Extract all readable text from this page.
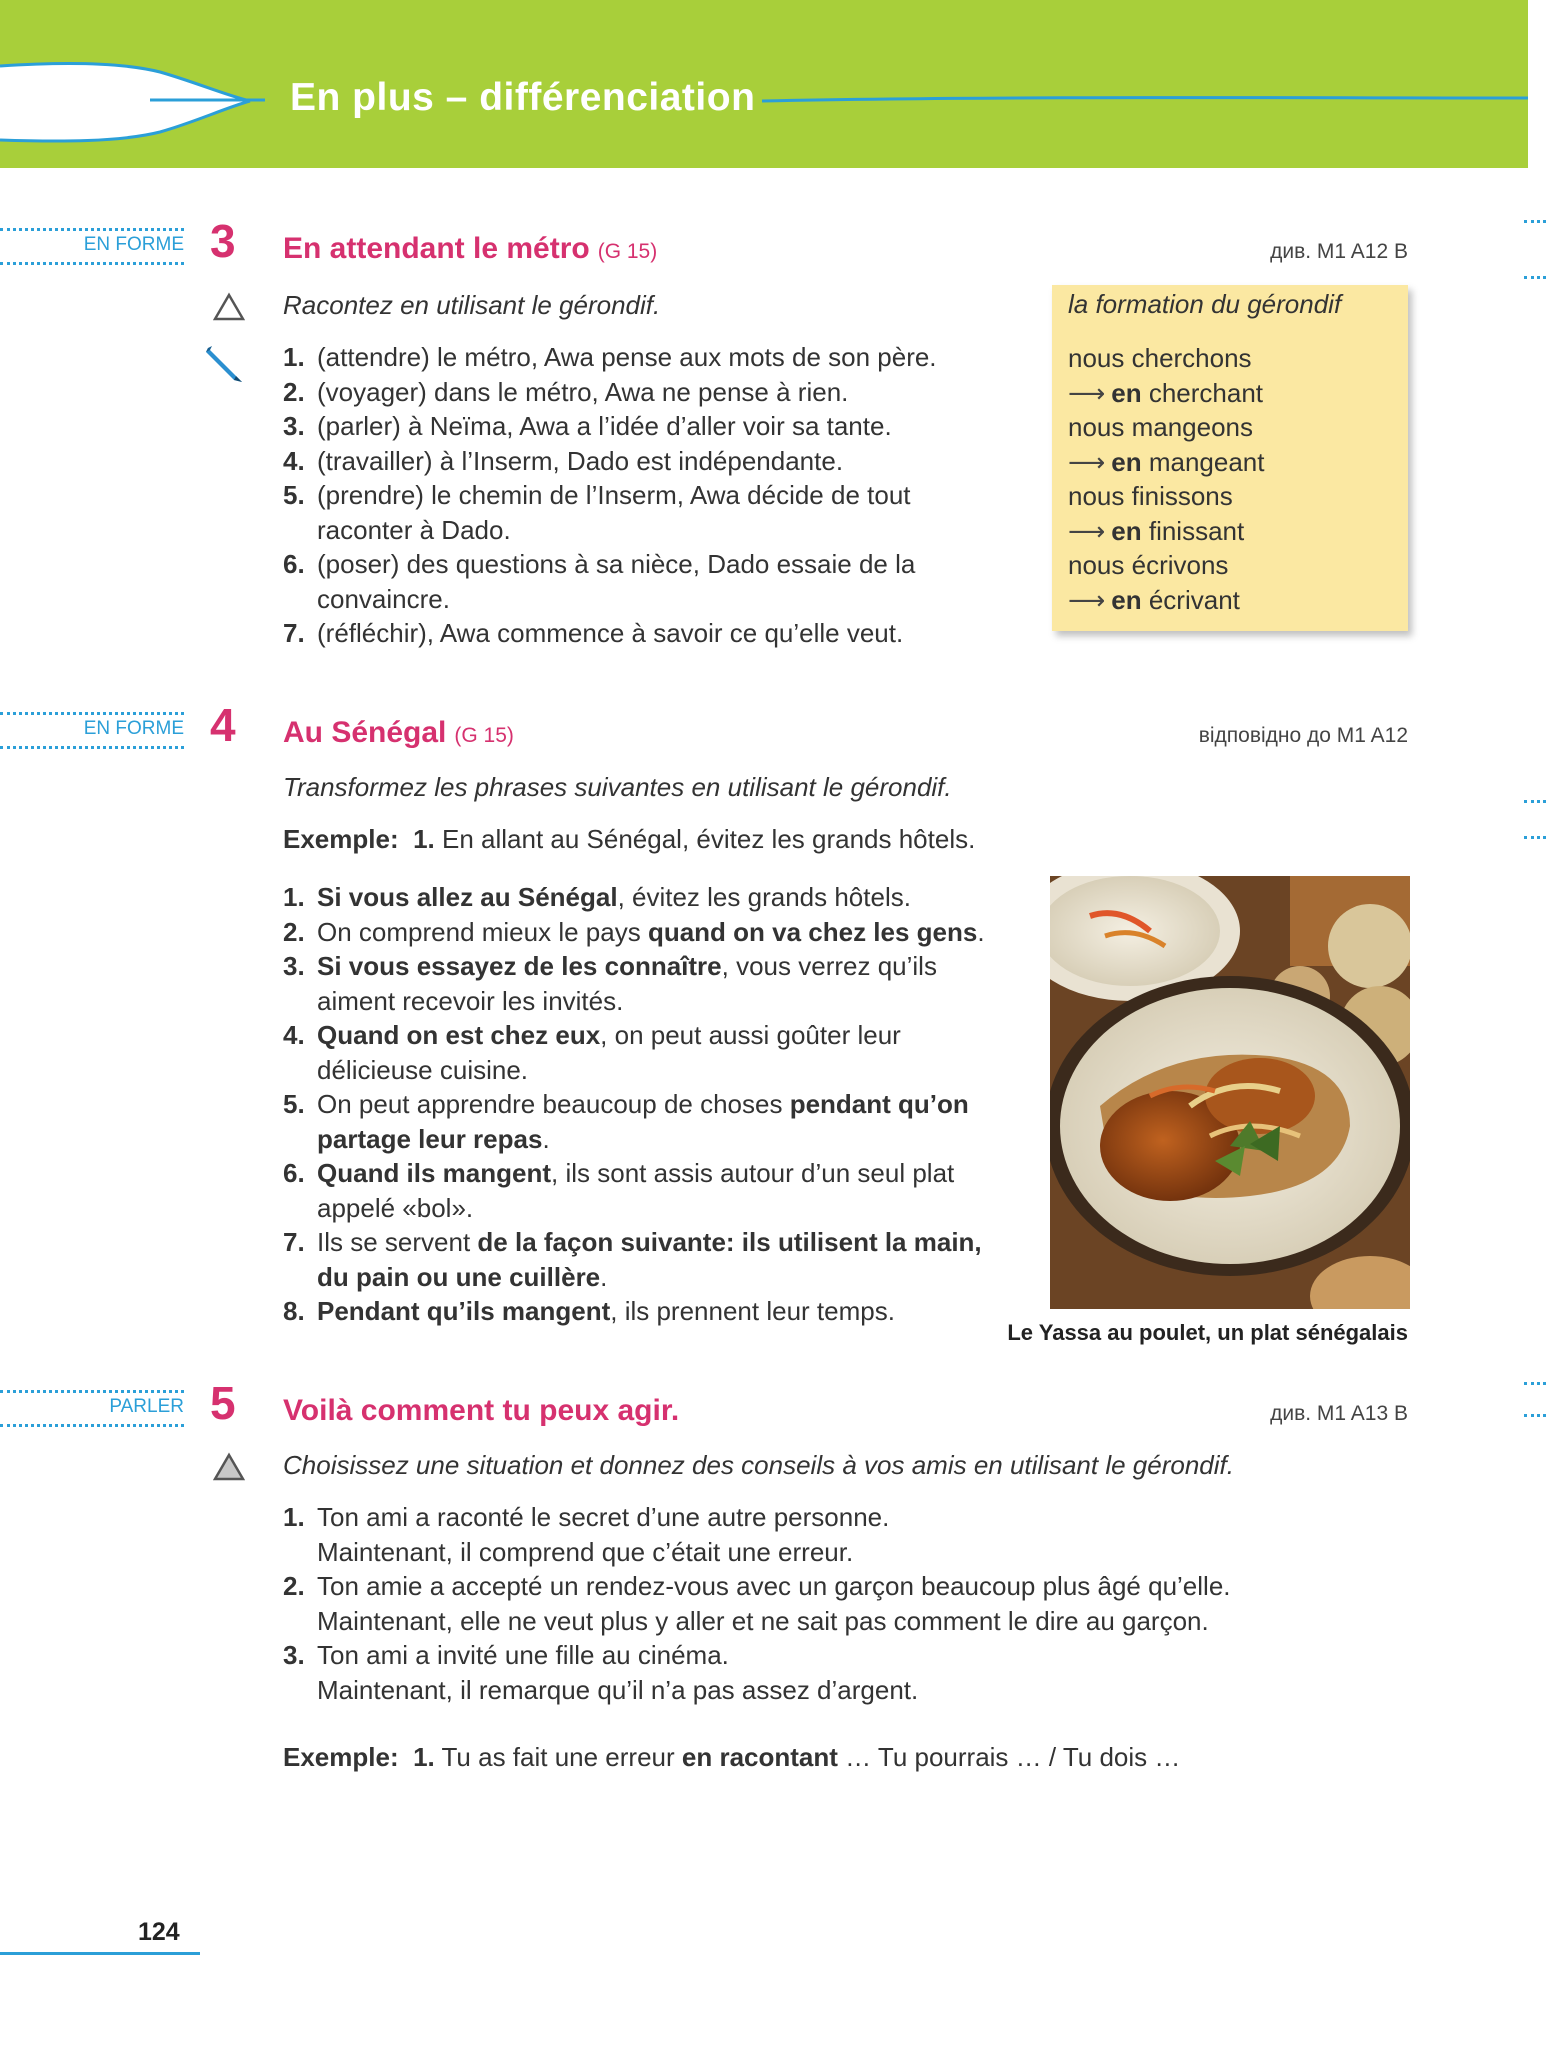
En plus – différenciation
EN FORME 3 En attendant le métro (G 15)	див. M1 A12 B
Racontez en utilisant le gérondif.
1. (attendre) le métro, Awa pense aux mots de son père.
2. (voyager) dans le métro, Awa ne pense à rien.
3. (parler) à Neïma, Awa a l’idée d’aller voir sa tante.
4. (travailler) à l’Inserm, Dado est indépendante.
5. (prendre) le chemin de l’Inserm, Awa décide de tout
raconter à Dado.
6. (poser) des questions à sa nièce, Dado essaie de la
convaincre.
7. (réfléchir), Awa commence à savoir ce qu’elle veut.
la formation du gérondif
nous cherchons
⟶ en cherchant
nous mangeons
⟶ en mangeant
nous finissons
⟶ en finissant
nous écrivons
⟶ en écrivant
EN FORME 4 Au Sénégal (G 15)	відповідно до M1 A12
Transformez les phrases suivantes en utilisant le gérondif.
Exemple: 1. En allant au Sénégal, évitez les grands hôtels.
1. Si vous allez au Sénégal, évitez les grands hôtels.
2. On comprend mieux le pays quand on va chez les gens.
3. Si vous essayez de les connaître, vous verrez qu’ils
aiment recevoir les invités.
4. Quand on est chez eux, on peut aussi goûter leur
délicieuse cuisine.
5. On peut apprendre beaucoup de choses pendant qu’on
partage leur repas.
6. Quand ils mangent, ils sont assis autour d’un seul plat
appelé «bol».
7. Ils se servent de la façon suivante: ils utilisent la main,
du pain ou une cuillère.
8. Pendant qu’ils mangent, ils prennent leur temps.
Le Yassa au poulet, un plat sénégalais
PARLER 5 Voilà comment tu peux agir.	див. M1 A13 B
Choisissez une situation et donnez des conseils à vos amis en utilisant le gérondif.
1. Ton ami a raconté le secret d’une autre personne.
Maintenant, il comprend que c’était une erreur.
2. Ton amie a accepté un rendez-vous avec un garçon beaucoup plus âgé qu’elle.
Maintenant, elle ne veut plus y aller et ne sait pas comment le dire au garçon.
3. Ton ami a invité une fille au cinéma.
Maintenant, il remarque qu’il n’a pas assez d’argent.
Exemple: 1. Tu as fait une erreur en racontant … Tu pourrais … / Tu dois …
124
